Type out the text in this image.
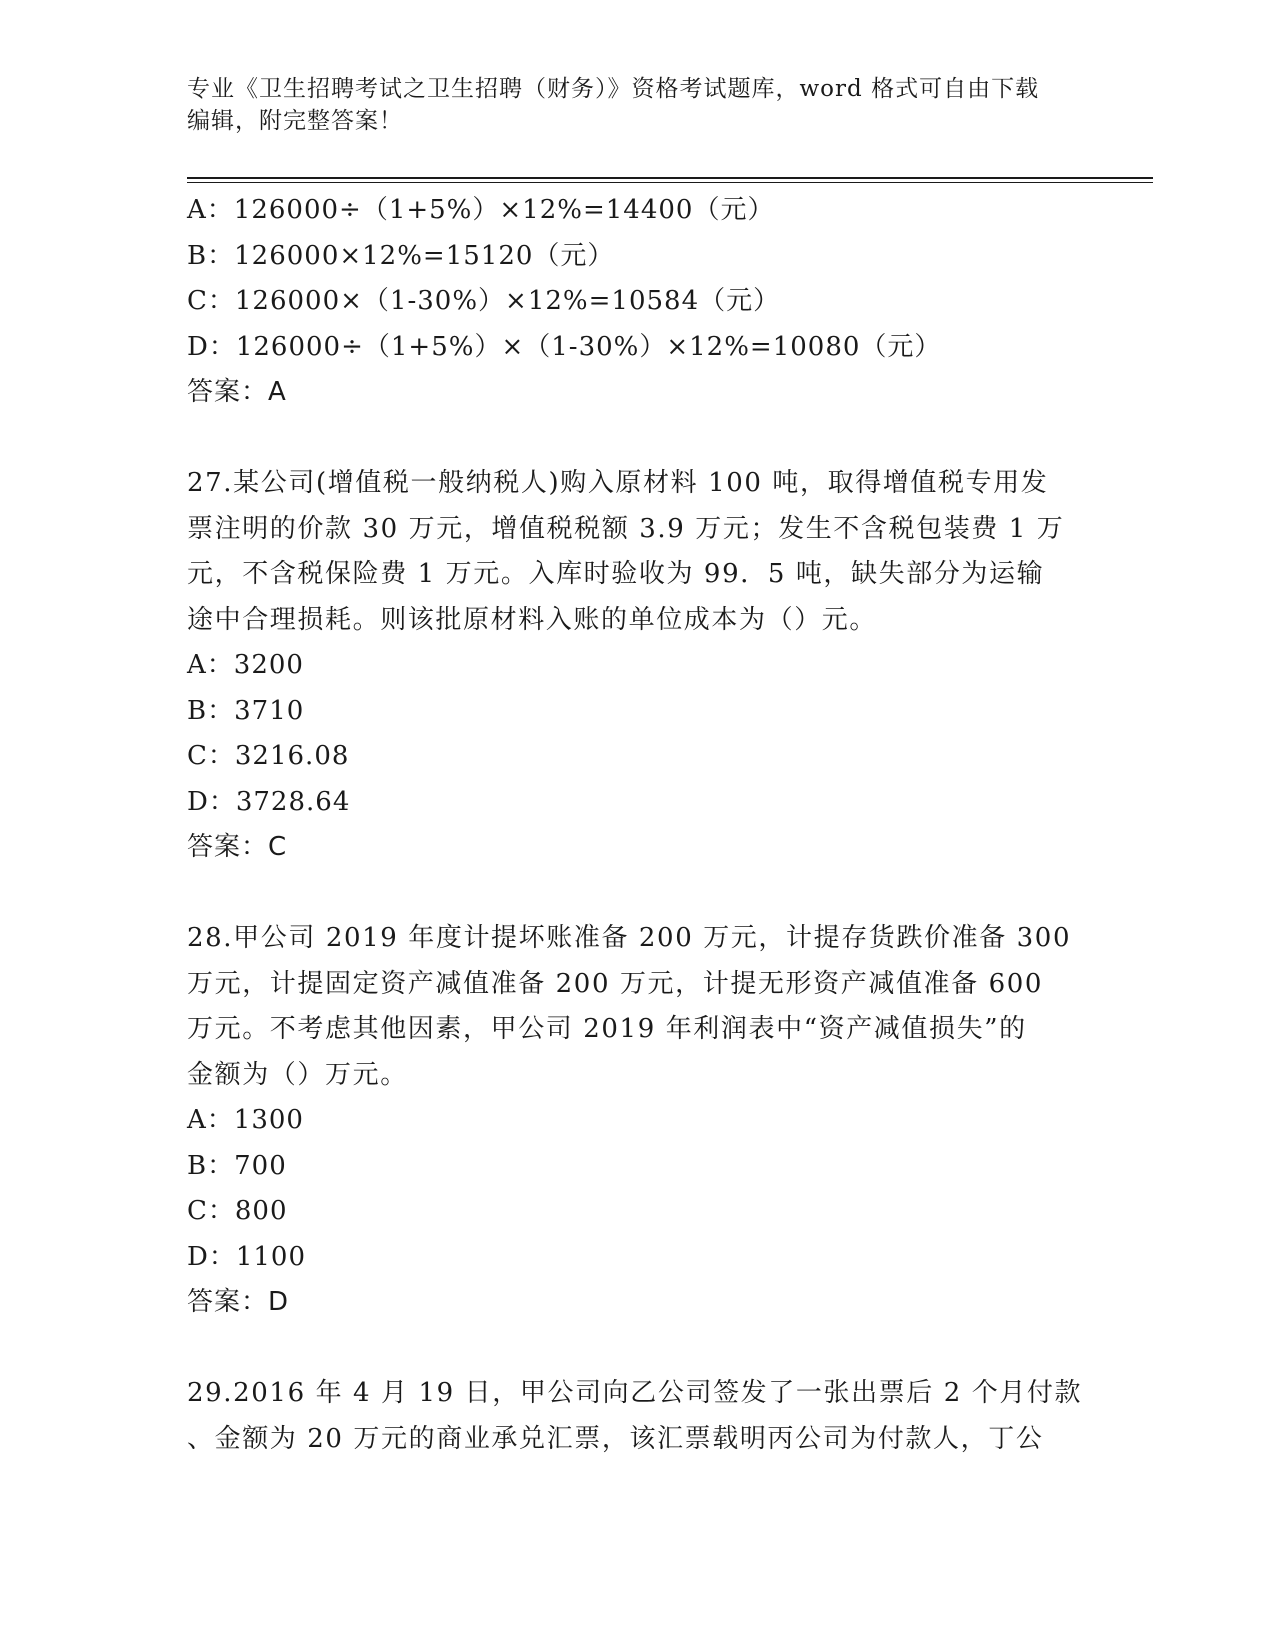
专业《卫生招聘考试之卫生招聘（财务）》资格考试题库，word 格式可自由下载
编辑，附完整答案！
A：126000÷（1+5%）×12%=14400（元）
B：126000×12%=15120（元）
C：126000×（1-30%）×12%=10584（元）
D：126000÷（1+5%）×（1-30%）×12%=10080（元）
答案：A
27.某公司(增值税一般纳税人)购入原材料 100 吨，取得增值税专用发
票注明的价款 30 万元，增值税税额 3.9 万元；发生不含税包装费 1 万
元，不含税保险费 1 万元。入库时验收为 99．5 吨，缺失部分为运输
途中合理损耗。则该批原材料入账的单位成本为（）元。
A：3200
B：3710
C：3216.08
D：3728.64
答案：C
28.甲公司 2019 年度计提坏账准备 200 万元，计提存货跌价准备 300
万元，计提固定资产减值准备 200 万元，计提无形资产减值准备 600
万元。不考虑其他因素，甲公司 2019 年利润表中“资产减值损失”的
金额为（）万元。
A：1300
B：700
C：800
D：1100
答案：D
29.2016 年 4 月 19 日，甲公司向乙公司签发了一张出票后 2 个月付款
、金额为 20 万元的商业承兑汇票，该汇票载明丙公司为付款人，丁公
